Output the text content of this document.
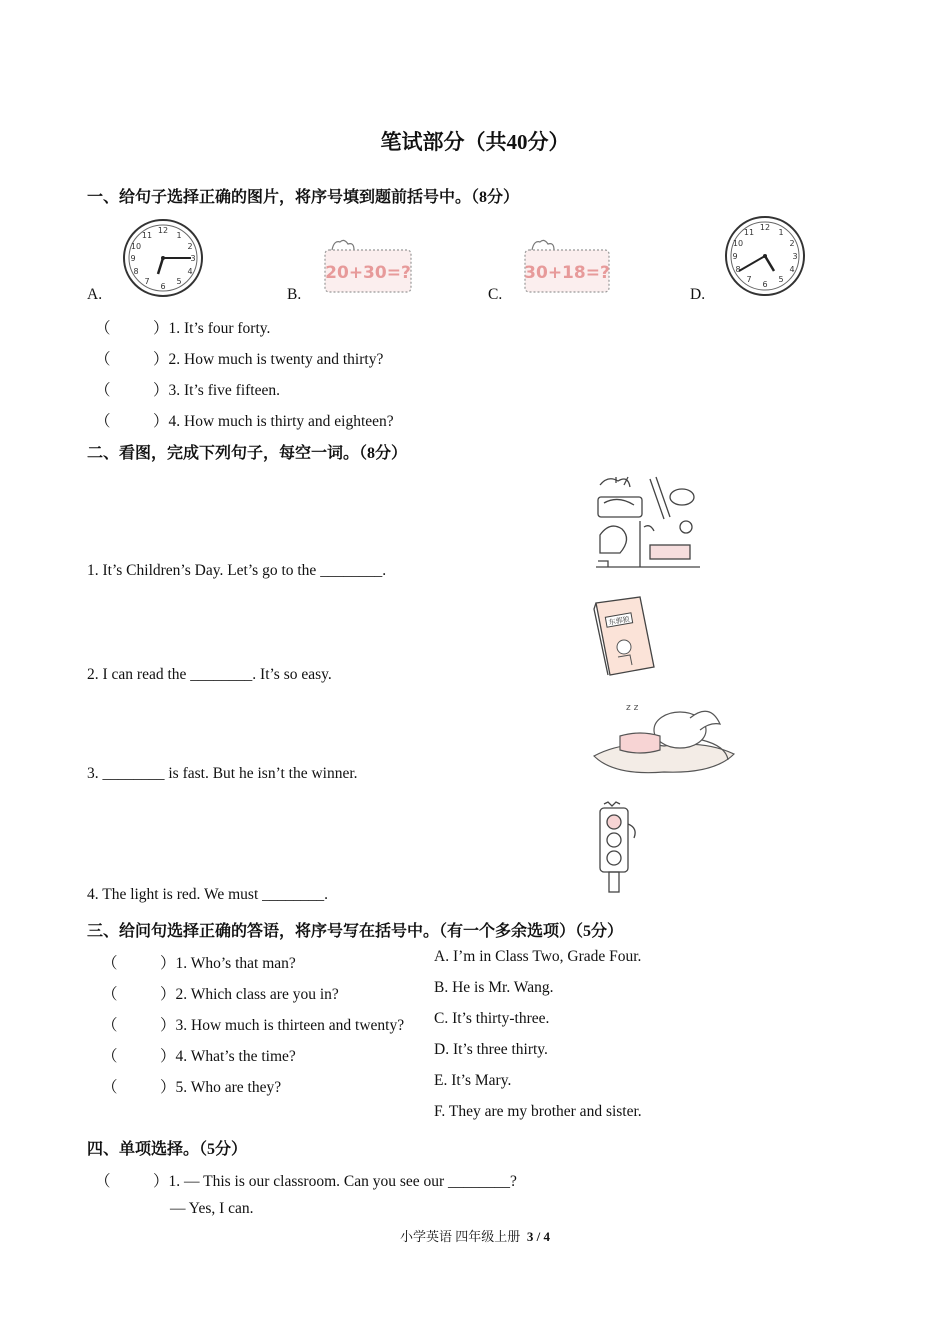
笔试部分（共40分）
一、给句子选择正确的图片，将序号填到题前括号中。（8分）
A.
12
1
2
3
4
5
6
7
8
9
10
11
B.
20+30=?
C.
30+18=?
D.
12
1
2
3
4
5
6
7
8
9
10
11
（	）1. It’s four forty.
（	）2. How much is twenty and thirty?
（	）3. It’s five fifteen.
（	）4. How much is thirty and eighteen?
二、看图，完成下列句子，每空一词。（8分）
1. It’s Children’s Day. Let’s go to the ________.
东郭狼
2. I can read the ________. It’s so easy.
z z
3. ________ is fast. But he isn’t the winner.
4. The light is red. We must ________.
三、给问句选择正确的答语，将序号写在括号中。（有一个多余选项）（5分）
（	）1. Who’s that man?
（	）2. Which class are you in?
（	）3. How much is thirteen and twenty?
（	）4. What’s the time?
（	）5. Who are they?
A. I’m in Class Two, Grade Four.
B. He is Mr. Wang.
C. It’s thirty-three.
D. It’s three thirty.
E. It’s Mary.
F. They are my brother and sister.
四、单项选择。（5分）
（	）1. — This is our classroom. Can you see our ________?
— Yes, I can.
小学英语 四年级上册 3 / 4
